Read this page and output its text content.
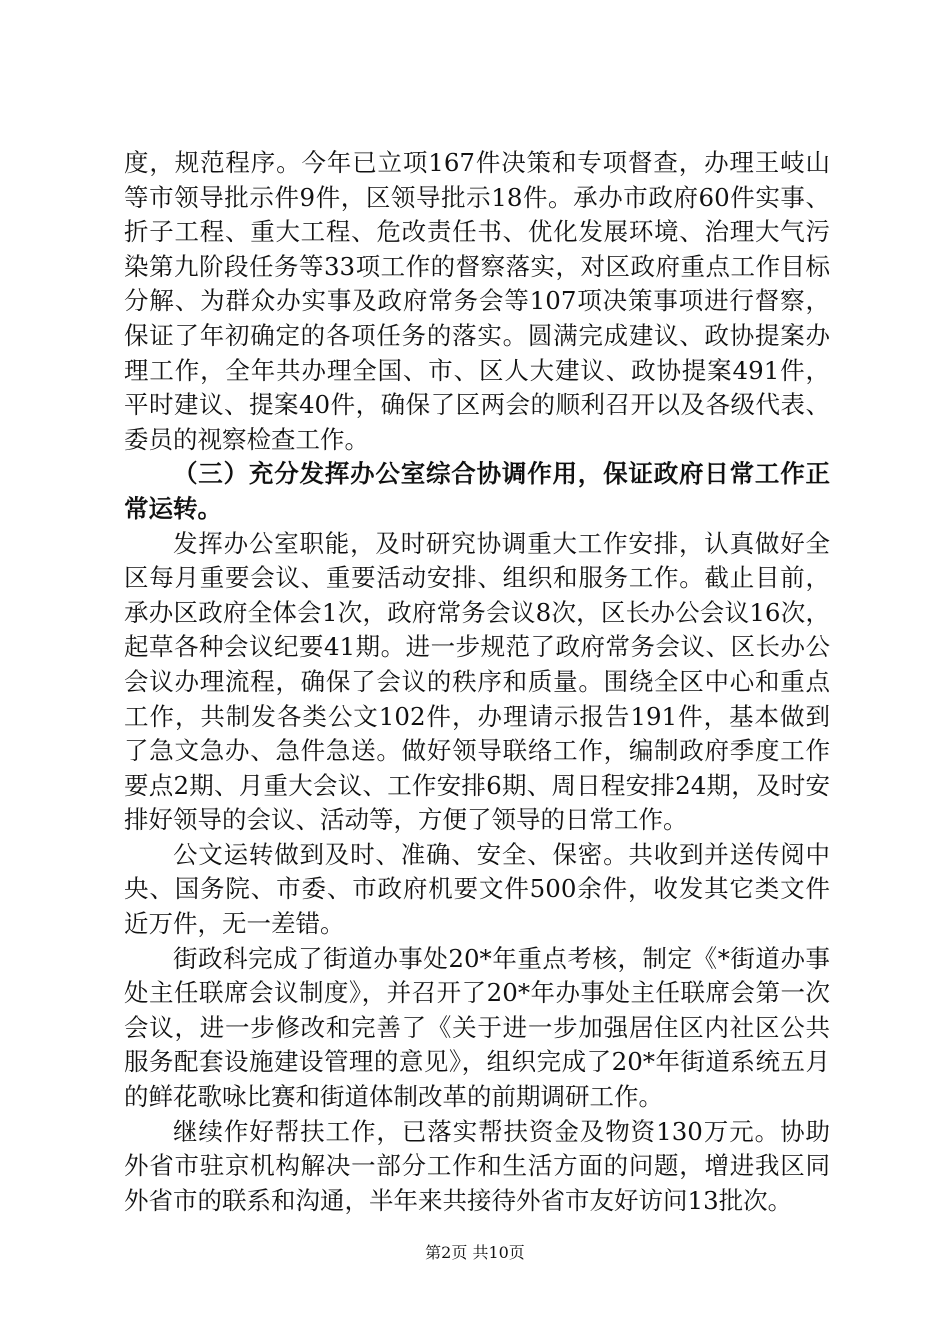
度，规范程序。今年已立项167件决策和专项督查，办理王岐山等市领导批示件9件，区领导批示18件。承办市政府60件实事、折子工程、重大工程、危改责任书、优化发展环境、治理大气污染第九阶段任务等33项工作的督察落实，对区政府重点工作目标分解、为群众办实事及政府常务会等107项决策事项进行督察，保证了年初确定的各项任务的落实。圆满完成建议、政协提案办理工作，全年共办理全国、市、区人大建议、政协提案491件，平时建议、提案40件，确保了区两会的顺利召开以及各级代表、委员的视察检查工作。

（三）充分发挥办公室综合协调作用，保证政府日常工作正常运转。

发挥办公室职能，及时研究协调重大工作安排，认真做好全区每月重要会议、重要活动安排、组织和服务工作。截止目前，承办区政府全体会1次，政府常务会议8次，区长办公会议16次，起草各种会议纪要41期。进一步规范了政府常务会议、区长办公会议办理流程，确保了会议的秩序和质量。围绕全区中心和重点工作，共制发各类公文102件，办理请示报告191件，基本做到了急文急办、急件急送。做好领导联络工作，编制政府季度工作要点2期、月重大会议、工作安排6期、周日程安排24期，及时安排好领导的会议、活动等，方便了领导的日常工作。

公文运转做到及时、准确、安全、保密。共收到并送传阅中央、国务院、市委、市政府机要文件500余件，收发其它类文件近万件，无一差错。

街政科完成了街道办事处20*年重点考核，制定《*街道办事处主任联席会议制度》，并召开了20*年办事处主任联席会第一次会议，进一步修改和完善了《关于进一步加强居住区内社区公共服务配套设施建设管理的意见》，组织完成了20*年街道系统五月的鲜花歌咏比赛和街道体制改革的前期调研工作。

继续作好帮扶工作，已落实帮扶资金及物资130万元。协助外省市驻京机构解决一部分工作和生活方面的问题，增进我区同外省市的联系和沟通，半年来共接待外省市友好访问13批次。

第2页 共10页
